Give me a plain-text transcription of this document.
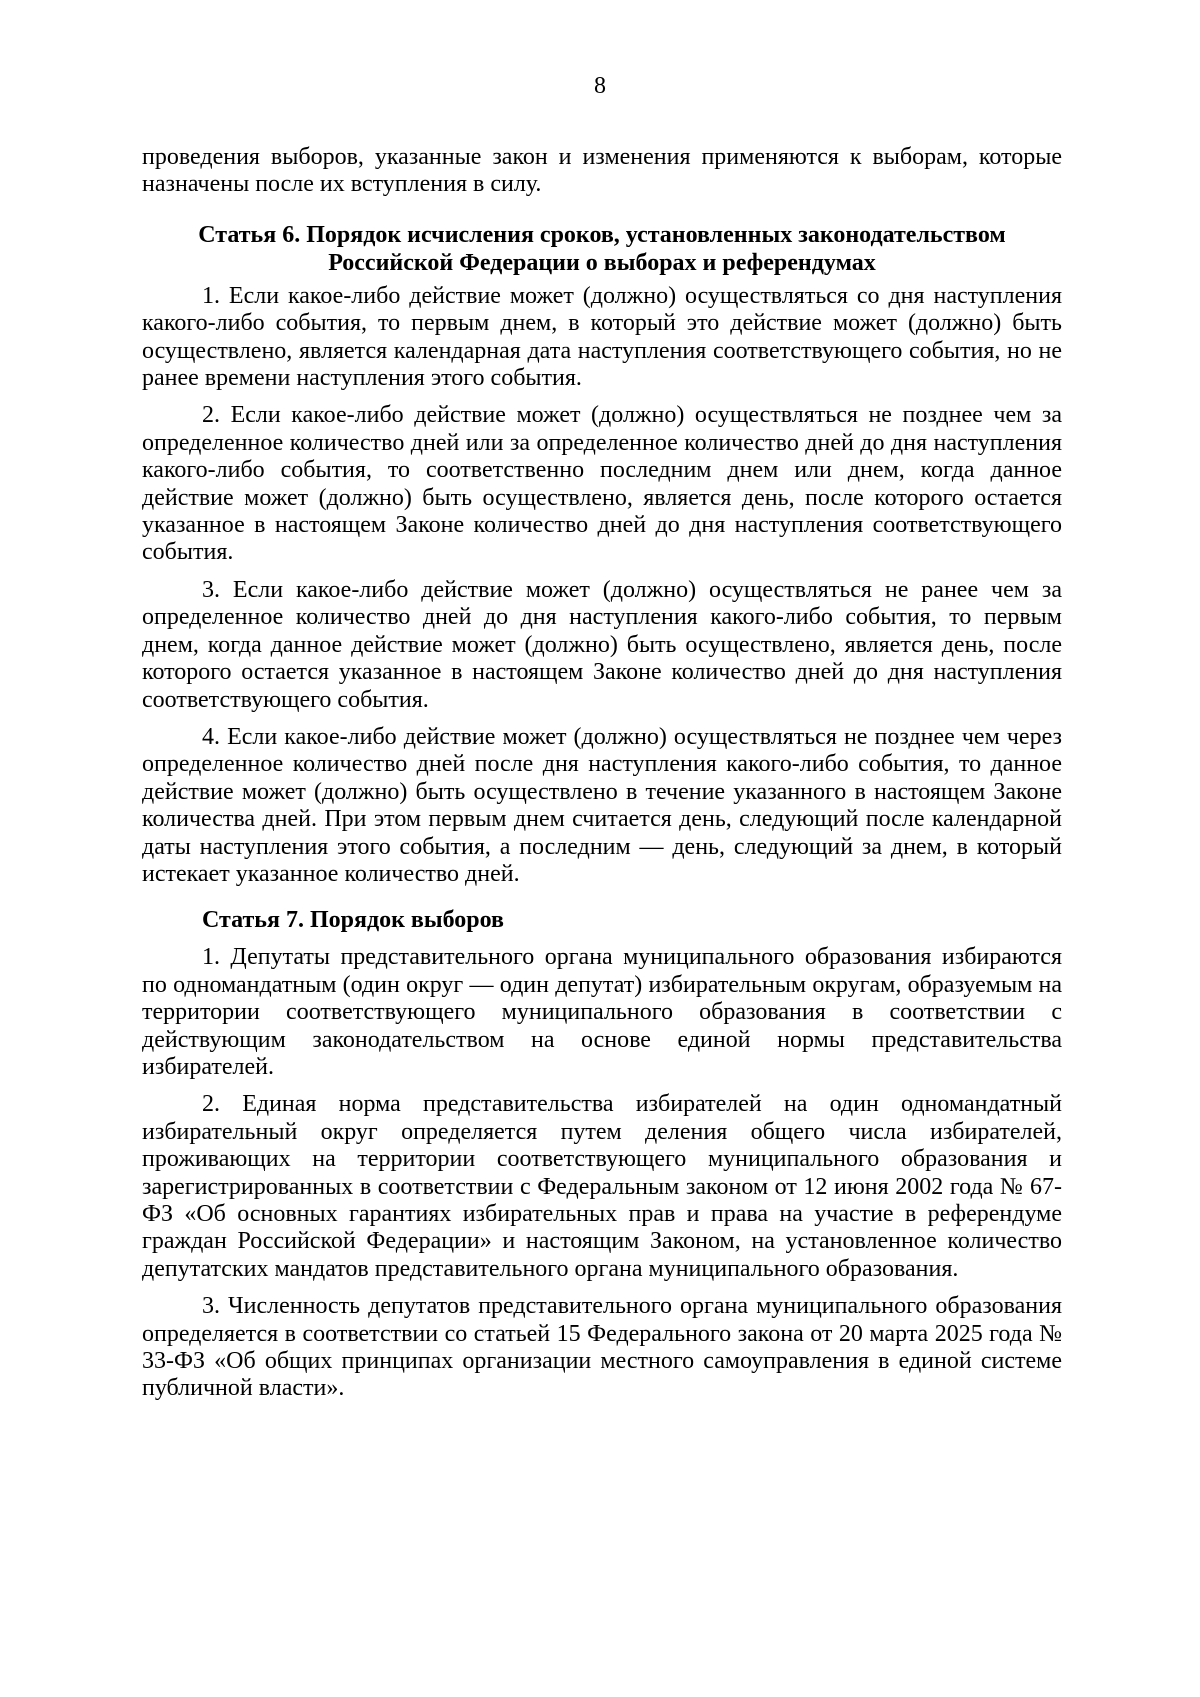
8

проведения выборов, указанные закон и изменения применяются к выборам, которые назначены после их вступления в силу.

Статья 6. Порядок исчисления сроков, установленных законодательством
Российской Федерации о выборах и референдумах

1. Если какое-либо действие может (должно) осуществляться со дня наступления какого-либо события, то первым днем, в который это действие может (должно) быть осуществлено, является календарная дата наступления соответствующего события, но не ранее времени наступления этого события.

2. Если какое-либо действие может (должно) осуществляться не позднее чем за определенное количество дней или за определенное количество дней до дня наступления какого-либо события, то соответственно последним днем или днем, когда данное действие может (должно) быть осуществлено, является день, после которого остается указанное в настоящем Законе количество дней до дня наступления соответствующего события.

3. Если какое-либо действие может (должно) осуществляться не ранее чем за определенное количество дней до дня наступления какого-либо события, то первым днем, когда данное действие может (должно) быть осуществлено, является день, после которого остается указанное в настоящем Законе количество дней до дня наступления соответствующего события.

4. Если какое-либо действие может (должно) осуществляться не позднее чем через определенное количество дней после дня наступления какого-либо события, то данное действие может (должно) быть осуществлено в течение указанного в настоящем Законе количества дней. При этом первым днем считается день, следующий после календарной даты наступления этого события, а последним — день, следующий за днем, в который истекает указанное количество дней.

Статья 7. Порядок выборов

1. Депутаты представительного органа муниципального образования избираются по одномандатным (один округ — один депутат) избирательным округам, образуемым на территории соответствующего муниципального образования в соответствии с действующим законодательством на основе единой нормы представительства избирателей.

2. Единая норма представительства избирателей на один одномандатный избирательный округ определяется путем деления общего числа избирателей, проживающих на территории соответствующего муниципального образования и зарегистрированных в соответствии с Федеральным законом от 12 июня 2002 года № 67-ФЗ «Об основных гарантиях избирательных прав и права на участие в референдуме граждан Российской Федерации» и настоящим Законом, на установленное количество депутатских мандатов представительного органа муниципального образования.

3. Численность депутатов представительного органа муниципального образования определяется в соответствии со статьей 15 Федерального закона от 20 марта 2025 года № 33-ФЗ «Об общих принципах организации местного самоуправления в единой системе публичной власти».
